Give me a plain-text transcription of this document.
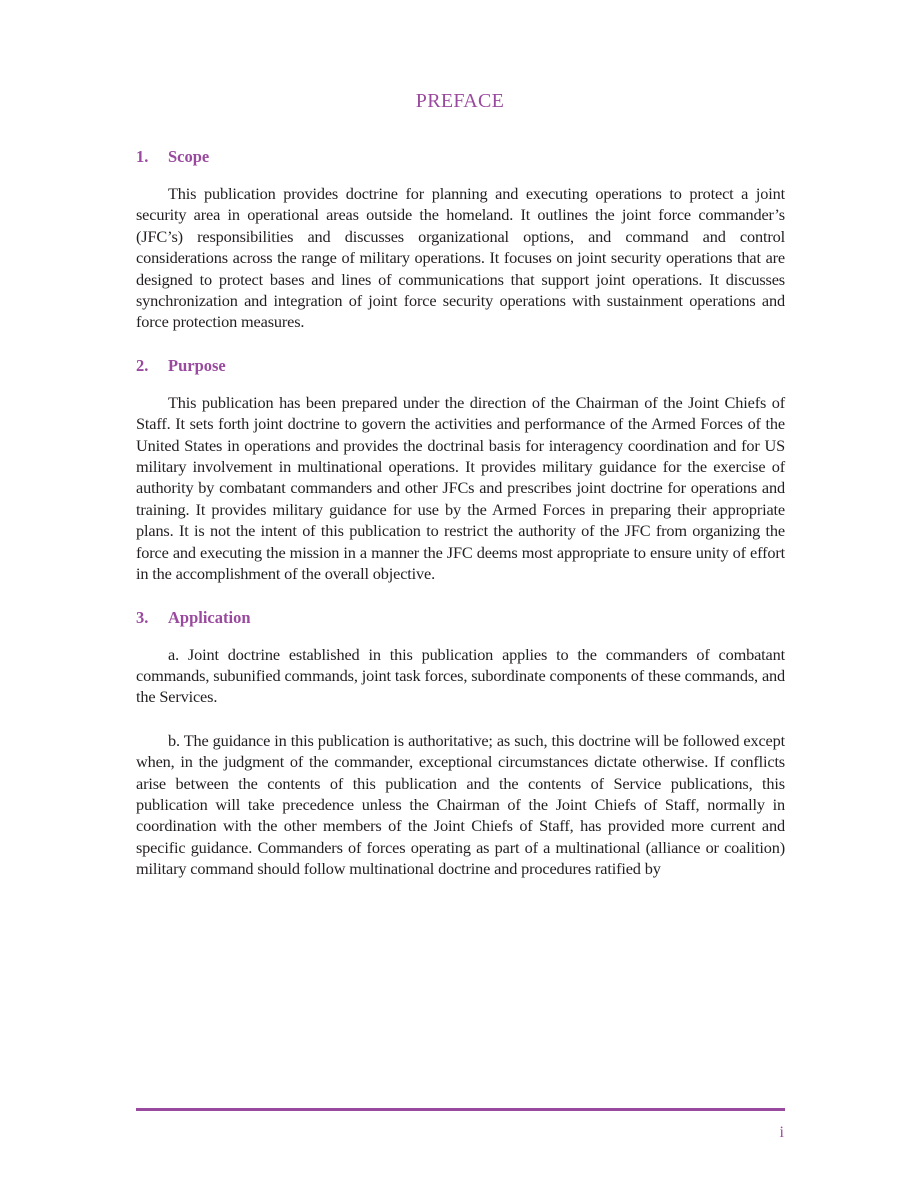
PREFACE
1.	Scope

This publication provides doctrine for planning and executing operations to protect a joint security area in operational areas outside the homeland. It outlines the joint force commander’s (JFC’s) responsibilities and discusses organizational options, and command and control considerations across the range of military operations. It focuses on joint security operations that are designed to protect bases and lines of communications that support joint operations. It discusses synchronization and integration of joint force security operations with sustainment operations and force protection measures.

2.	Purpose

This publication has been prepared under the direction of the Chairman of the Joint Chiefs of Staff. It sets forth joint doctrine to govern the activities and performance of the Armed Forces of the United States in operations and provides the doctrinal basis for interagency coordination and for US military involvement in multinational operations. It provides military guidance for the exercise of authority by combatant commanders and other JFCs and prescribes joint doctrine for operations and training. It provides military guidance for use by the Armed Forces in preparing their appropriate plans. It is not the intent of this publication to restrict the authority of the JFC from organizing the force and executing the mission in a manner the JFC deems most appropriate to ensure unity of effort in the accomplishment of the overall objective.

3.	Application

a. Joint doctrine established in this publication applies to the commanders of combatant commands, subunified commands, joint task forces, subordinate components of these commands, and the Services.

b. The guidance in this publication is authoritative; as such, this doctrine will be followed except when, in the judgment of the commander, exceptional circumstances dictate otherwise. If conflicts arise between the contents of this publication and the contents of Service publications, this publication will take precedence unless the Chairman of the Joint Chiefs of Staff, normally in coordination with the other members of the Joint Chiefs of Staff, has provided more current and specific guidance. Commanders of forces operating as part of a multinational (alliance or coalition) military command should follow multinational doctrine and procedures ratified by

i
